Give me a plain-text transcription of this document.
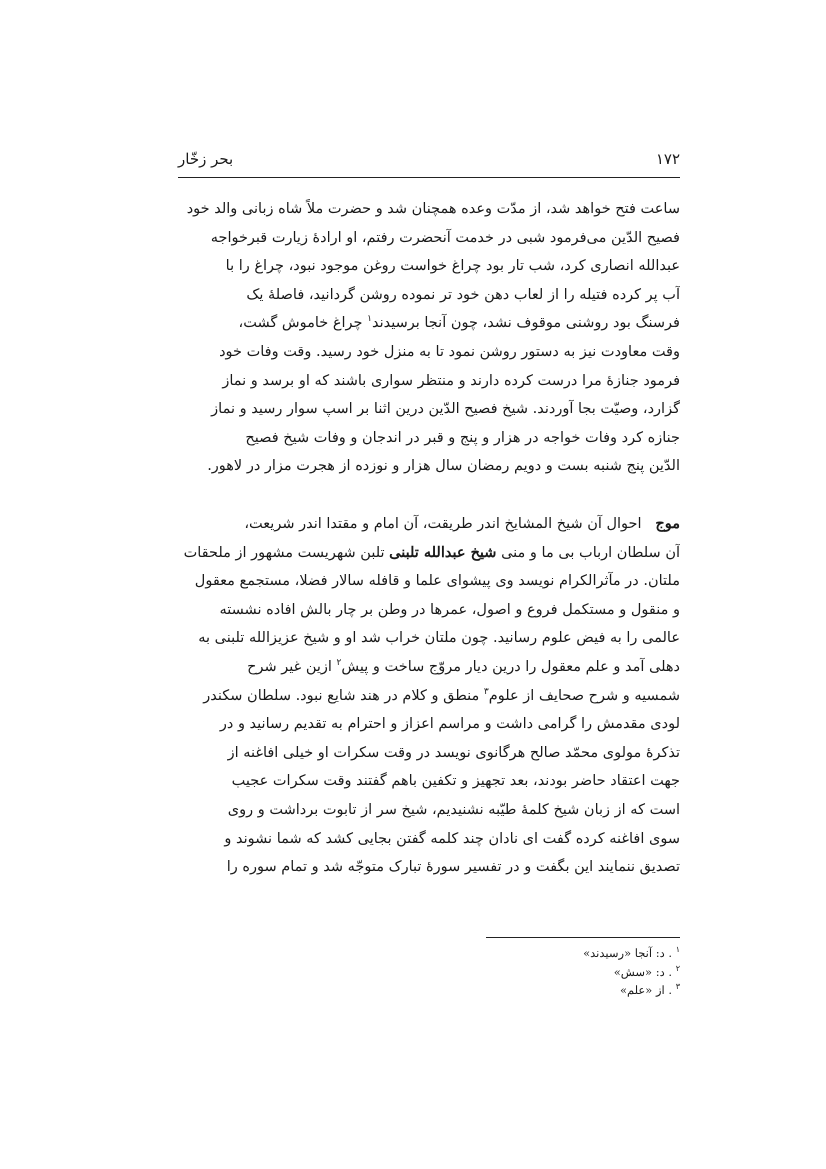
۱۷۲
بحر زخّار
ساعت فتح خواهد شد، از مدّت وعده همچنان شد و حضرت ملاً شاه زبانی والد خود
فصیح الدّین می‌فرمود شبی در خدمت آنحضرت رفتم، او ارادهٔ زیارت قبرخواجه
عبدالله انصاری کرد، شب تار بود چراغ خواست روغن موجود نبود، چراغ را با
آب پر کرده فتیله را از لعاب دهن خود تر نموده روشن گردانید، فاصلهٔ یک
فرسنگ بود روشنی موقوف نشد، چون آنجا برسیدند$^۱$ چراغ خاموش گشت،
وقت معاودت نیز به دستور روشن نمود تا به منزل خود رسید. وقت وفات خود
فرمود جنازهٔ مرا درست کرده دارند و منتظر سواری باشند که او برسد و نماز
گزارد، وصیّت بجا آوردند. شیخ فصیح الدّین درین اثنا بر اسپ سوار رسید و نماز
جنازه کرد وفات خواجه در هزار و پنج و قبر در اندجان و وفات شیخ فصیح
الدّین پنج شنبه بست و دویم رمضان سال هزار و نوزده از هجرت مزار در لاهور.
موج   احوال آن شیخ المشایخ اندر طریقت، آن امام و مقتدا اندر شریعت،
آن سلطان ارباب بی ما و منی شیخ عبدالله تلبنی تلبن شهریست مشهور از ملحقات
ملتان. در مآثرالکرام نویسد وی پیشوای علما و قافله سالار فضلا، مستجمع معقول
و منقول و مستکمل فروع و اصول، عمرها در وطن بر چار بالش افاده نشسته
عالمی را به فیض علوم رسانید. چون ملتان خراب شد او و شیخ عزیزالله تلبنی به
دهلی آمد و علم معقول را درین دیار مروّج ساخت و پیش$^۲$ ازین غیر شرح
شمسیه و شرح صحایف از علوم$^۳$ منطق و کلام در هند شایع نبود. سلطان سکندر
لودی مقدمش را گرامی داشت و مراسم اعزاز و احترام به تقدیم رسانید و در
تذکرهٔ مولوی محمّد صالح هرگانوی نویسد در وقت سکرات او خیلی افاغنه از
جهت اعتقاد حاضر بودند، بعد تجهیز و تکفین باهم گفتند وقت سکرات عجیب
است که از زبان شیخ کلمهٔ طیّبه نشنیدیم، شیخ سر از تابوت برداشت و روی
سوی افاغنه کرده گفت ای نادان چند کلمه گفتن بجایی کشد که شما نشوند و
تصدیق ننمایند این بگفت و در تفسیر سورهٔ تبارک متوجّه شد و تمام سوره را
$^۱$ . د: آنجا «رسیدند»
$^۲$ . د: «سش»
$^۳$ . از «علم»
